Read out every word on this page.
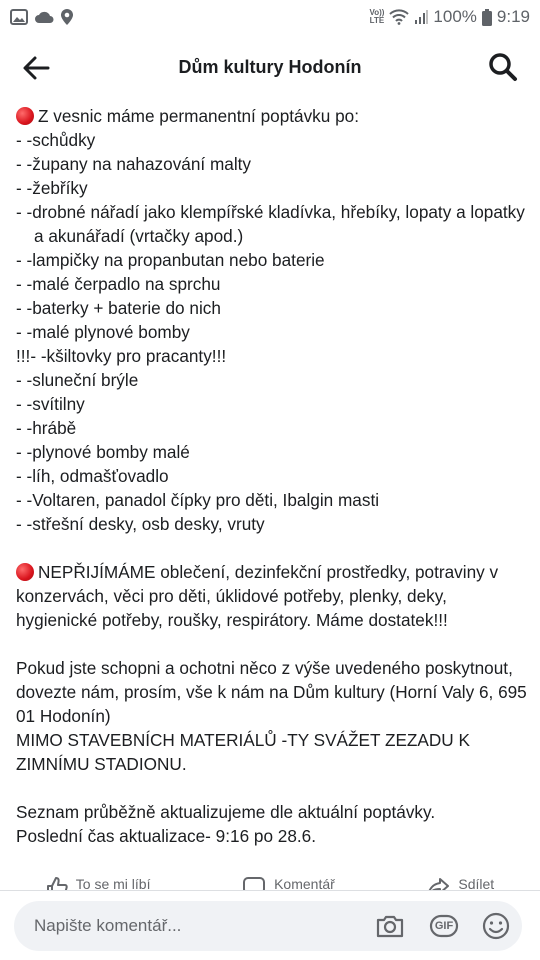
Vo))
LTE	100% 9:19
Dům kultury Hodonín

Z vesnic máme permanentní poptávku po:

- -schůdky
- -župany na nahazování malty
- -žebříky
- -drobné nářadí jako klempířské kladívka, hřebíky, lopaty a lopatky a akunářadí (vrtačky apod.)
- -lampičky na propanbutan nebo baterie
- -malé čerpadlo na sprchu
- -baterky + baterie do nich
- -malé plynové bomby
!!!- -kšiltovky pro pracanty!!!
- -sluneční brýle
- -svítilny
- -hrábě
- -plynové bomby malé
- -líh, odmašťovadlo
- -Voltaren, panadol čípky pro děti, Ibalgin masti
- -střešní desky, osb desky, vruty

NEPŘIJÍMÁME oblečení, dezinfekční prostředky, potraviny v konzervách, věci pro děti, úklidové potřeby, plenky, deky, hygienické potřeby, roušky, respirátory. Máme dostatek!!!

Pokud jste schopni a ochotni něco z výše uvedeného poskytnout, dovezte nám, prosím, vše k nám na Dům kultury (Horní Valy 6, 695 01 Hodonín)

MIMO STAVEBNÍCH MATERIÁLŮ -TY SVÁŽET ZEZADU K ZIMNÍMU STADIONU.

Seznam průběžně aktualizujeme dle aktuální poptávky.

Poslední čas aktualizace- 9:16 po 28.6.

To se mi líbí	Komentář	Sdílet
Napište komentář...
GIF
